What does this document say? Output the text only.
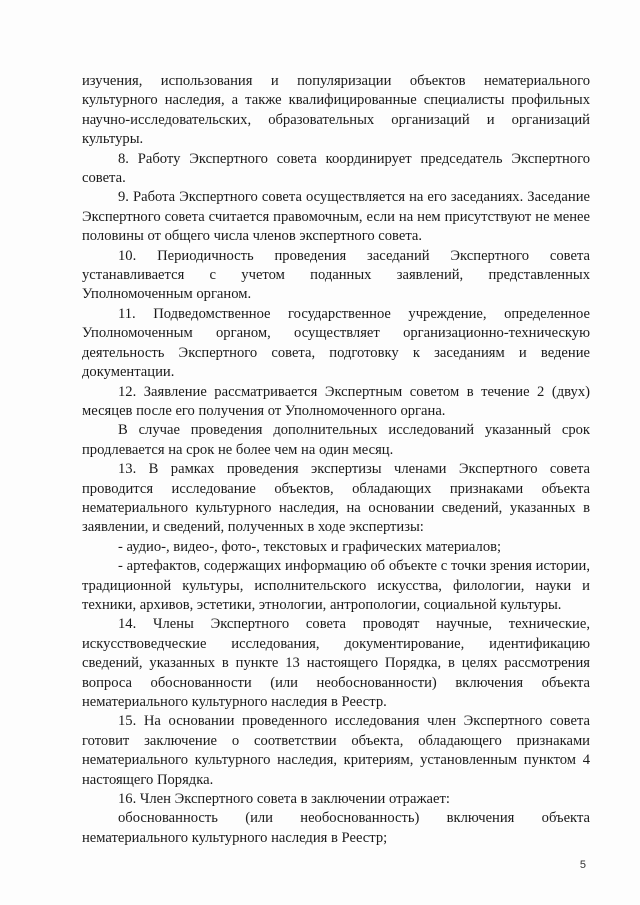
изучения, использования и популяризации объектов нематериального культурного наследия, а также квалифицированные специалисты профильных научно-исследовательских, образовательных организаций и организаций культуры.

8. Работу Экспертного совета координирует председатель Экспертного совета.

9. Работа Экспертного совета осуществляется на его заседаниях. Заседание Экспертного совета считается правомочным, если на нем присутствуют не менее половины от общего числа членов экспертного совета.

10. Периодичность проведения заседаний Экспертного совета устанавливается с учетом поданных заявлений, представленных Уполномоченным органом.

11. Подведомственное государственное учреждение, определенное Уполномоченным органом, осуществляет организационно-техническую деятельность Экспертного совета, подготовку к заседаниям и ведение документации.

12. Заявление рассматривается Экспертным советом в течение 2 (двух) месяцев после его получения от Уполномоченного органа.

В случае проведения дополнительных исследований указанный срок продлевается на срок не более чем на один месяц.

13. В рамках проведения экспертизы членами Экспертного совета проводится исследование объектов, обладающих признаками объекта нематериального культурного наследия, на основании сведений, указанных в заявлении, и сведений, полученных в ходе экспертизы:

- аудио-, видео-, фото-, текстовых и графических материалов;

- артефактов, содержащих информацию об объекте с точки зрения истории, традиционной культуры, исполнительского искусства, филологии, науки и техники, архивов, эстетики, этнологии, антропологии, социальной культуры.

14. Члены Экспертного совета проводят научные, технические, искусствоведческие исследования, документирование, идентификацию сведений, указанных в пункте 13 настоящего Порядка, в целях рассмотрения вопроса обоснованности (или необоснованности) включения объекта нематериального культурного наследия в Реестр.

15. На основании проведенного исследования член Экспертного совета готовит заключение о соответствии объекта, обладающего признаками нематериального культурного наследия, критериям, установленным пунктом 4 настоящего Порядка.

16. Член Экспертного совета в заключении отражает:

обоснованность (или необоснованность) включения объекта нематериального культурного наследия в Реестр;

5
